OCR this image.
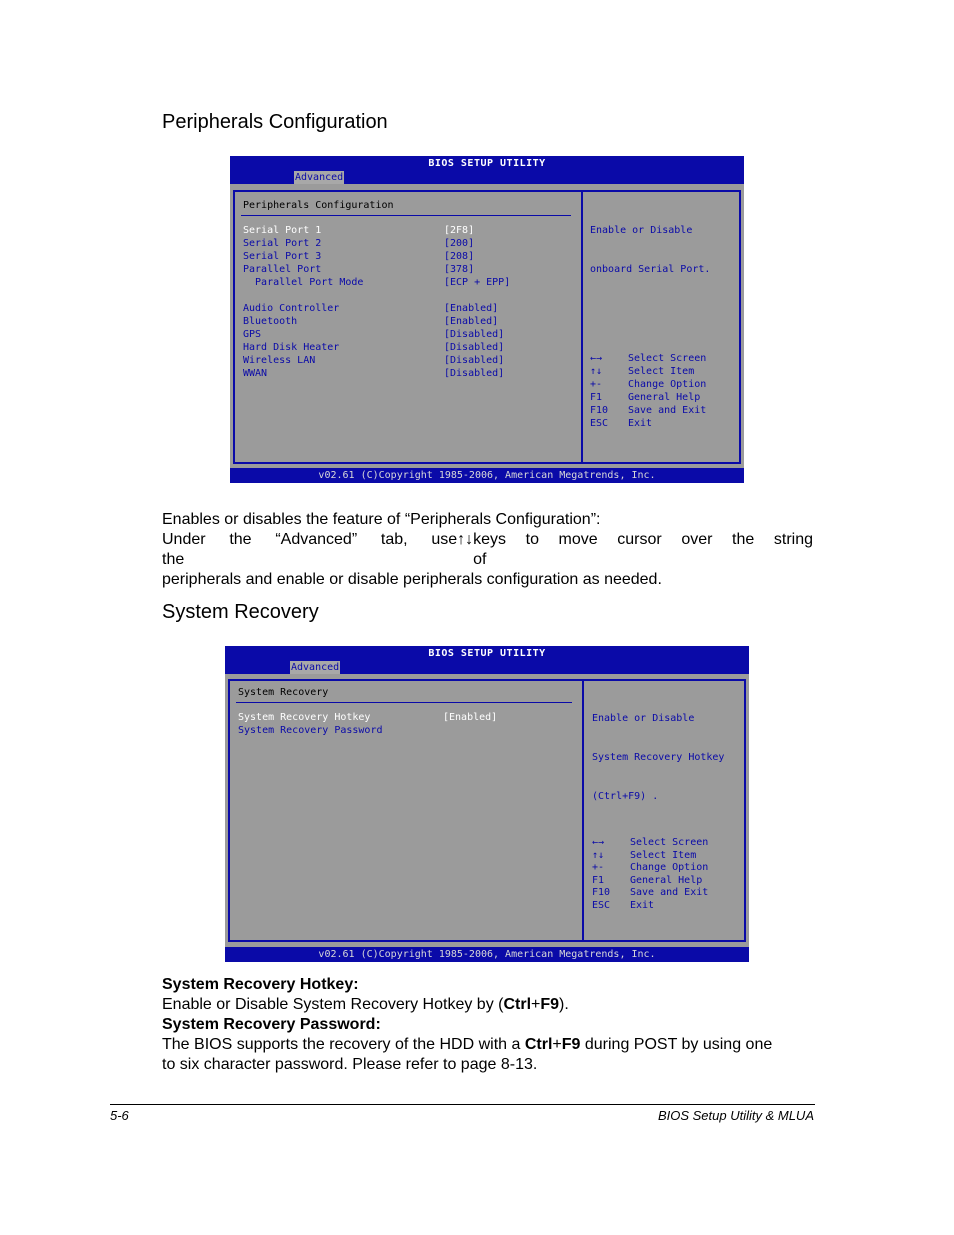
Peripherals Configuration
BIOS SETUP UTILITY
Advanced
Peripherals Configuration
Serial Port 1	[2F8]
Serial Port 2	[200]
Serial Port 3	[208]
Parallel Port	[378]
Parallel Port Mode	[ECP + EPP]
Audio Controller	[Enabled]
Bluetooth	[Enabled]
GPS	[Disabled]
Hard Disk Heater	[Disabled]
Wireless LAN	[Disabled]
WWAN	[Disabled]

Enable or Disable

onboard Serial Port.

←→	Select Screen
↑↓	Select Item
+-	Change Option
F1	General Help
F10 Save and Exit
ESC Exit
v02.61 (C)Copyright 1985-2006, American Megatrends, Inc.
Enables or disables the feature of “Peripherals Configuration”:
Under the “Advanced” tab, use the
↑↓ keys to move cursor over the string of
peripherals and enable or disable peripherals configuration as needed.
System Recovery
BIOS SETUP UTILITY
Advanced
System Recovery
System Recovery Hotkey	[Enabled]
System Recovery Password

Enable or Disable

System Recovery Hotkey

(Ctrl+F9) .

←→	Select Screen
↑↓	Select Item
+-	Change Option
F1	General Help
F10 Save and Exit
ESC Exit
v02.61 (C)Copyright 1985-2006, American Megatrends, Inc.
System Recovery Hotkey:
Enable or Disable System Recovery Hotkey by (Ctrl+F9).
System Recovery Password:
The BIOS supports the recovery of the HDD with a Ctrl+F9 during POST by using one
to six character password. Please refer to page 8-13.
5-6	BIOS Setup Utility & MLUA
